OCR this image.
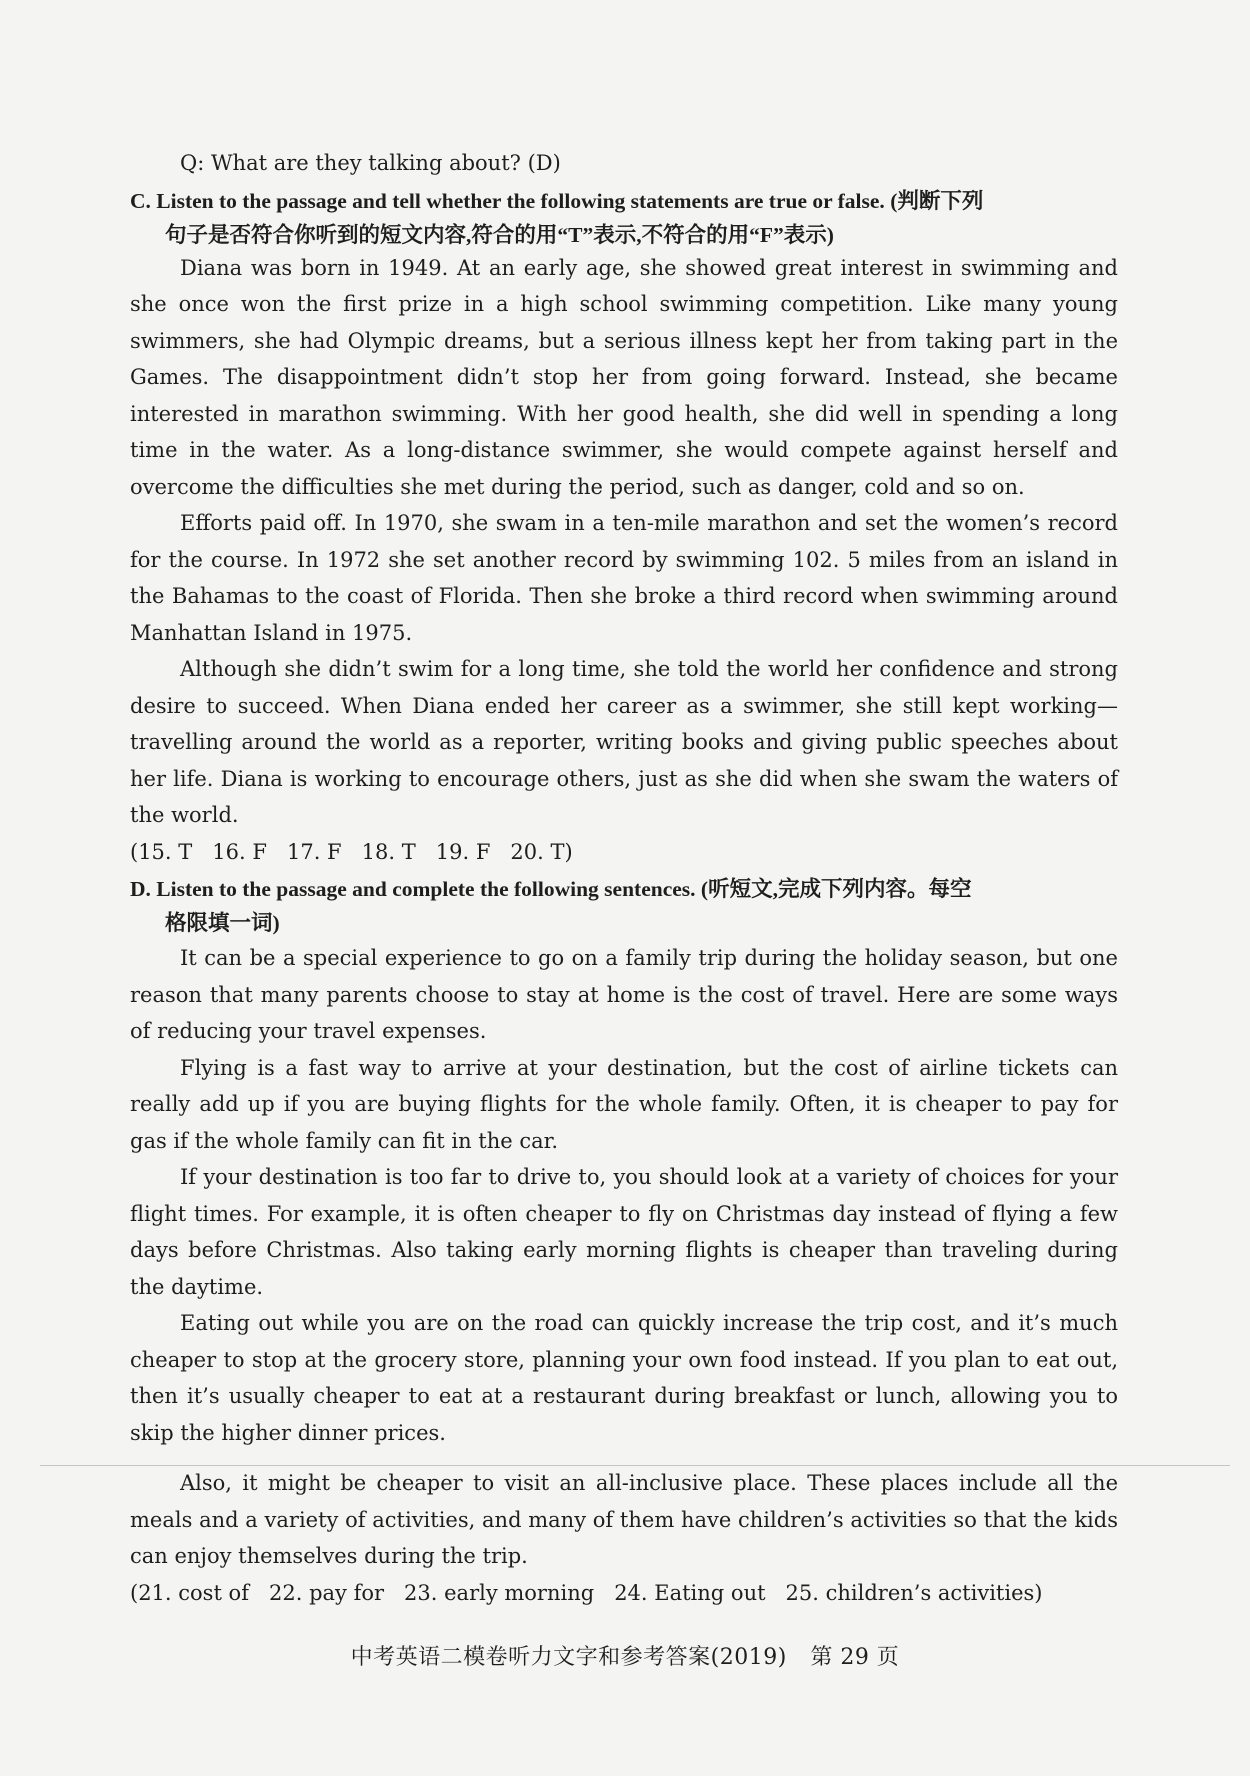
Q: What are they talking about? (D)

C. Listen to the passage and tell whether the following statements are true or false. (判断下列
句子是否符合你听到的短文内容,符合的用“T”表示,不符合的用“F”表示)

Diana was born in 1949. At an early age, she showed great interest in swimming and she once won the first prize in a high school swimming competition. Like many young swimmers, she had Olympic dreams, but a serious illness kept her from taking part in the Games. The disappointment didn’t stop her from going forward. Instead, she became interested in marathon swimming. With her good health, she did well in spending a long time in the water. As a long-distance swimmer, she would compete against herself and overcome the difficulties she met during the period, such as danger, cold and so on.

Efforts paid off. In 1970, she swam in a ten-mile marathon and set the women’s record for the course. In 1972 she set another record by swimming 102. 5 miles from an island in the Bahamas to the coast of Florida. Then she broke a third record when swimming around Manhattan Island in 1975.

Although she didn’t swim for a long time, she told the world her confidence and strong desire to succeed. When Diana ended her career as a swimmer, she still kept working—travelling around the world as a reporter, writing books and giving public speeches about her life. Diana is working to encourage others, just as she did when she swam the waters of the world.

(15. T   16. F   17. F   18. T   19. F   20. T)

D. Listen to the passage and complete the following sentences. (听短文,完成下列内容。每空
格限填一词)

It can be a special experience to go on a family trip during the holiday season, but one reason that many parents choose to stay at home is the cost of travel. Here are some ways of reducing your travel expenses.

Flying is a fast way to arrive at your destination, but the cost of airline tickets can really add up if you are buying flights for the whole family. Often, it is cheaper to pay for gas if the whole family can fit in the car.

If your destination is too far to drive to, you should look at a variety of choices for your flight times. For example, it is often cheaper to fly on Christmas day instead of flying a few days before Christmas. Also taking early morning flights is cheaper than traveling during the daytime.

Eating out while you are on the road can quickly increase the trip cost, and it’s much cheaper to stop at the grocery store, planning your own food instead. If you plan to eat out, then it’s usually cheaper to eat at a restaurant during breakfast or lunch, allowing you to skip the higher dinner prices.

Also, it might be cheaper to visit an all-inclusive place. These places include all the meals and a variety of activities, and many of them have children’s activities so that the kids can enjoy themselves during the trip.

(21. cost of   22. pay for   23. early morning   24. Eating out   25. children’s activities)

中考英语二模卷听力文字和参考答案(2019) 第 29 页
